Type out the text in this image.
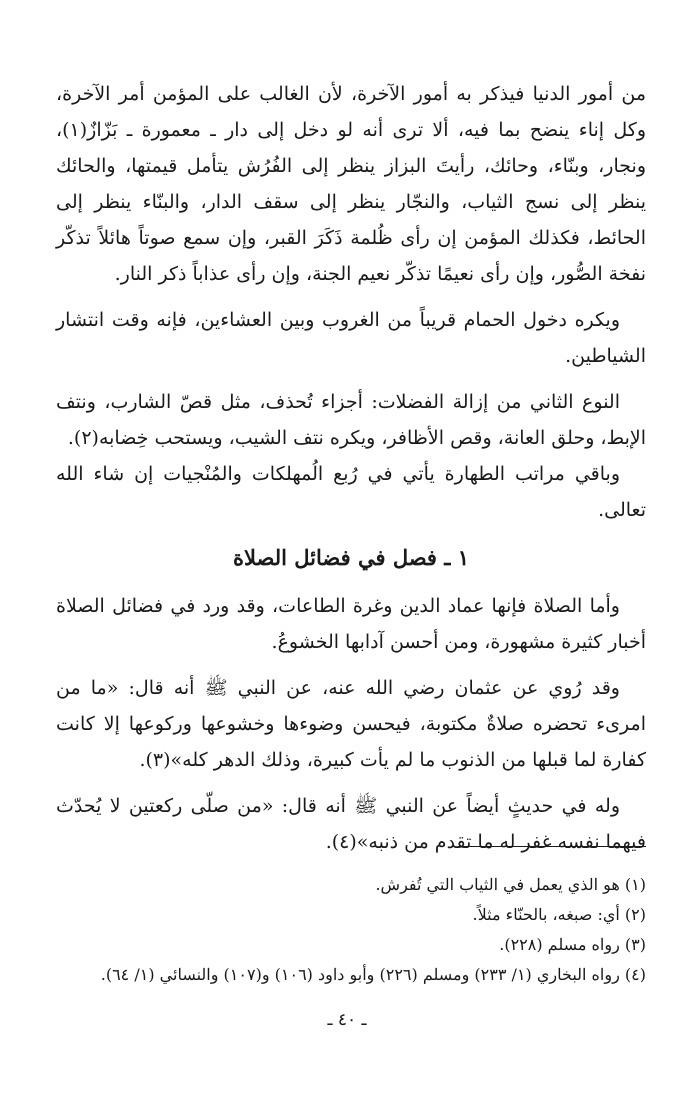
من أمور الدنيا فيذكر به أمور الآخرة، لأن الغالب على المؤمن أمر الآخرة، وكل إناء ينضح بما فيه، ألا ترى أنه لو دخل إلى دار ـ معمورة ـ بَزّازٌ(١)، ونجار، وبنّاء، وحائك، رأيتَ البزاز ينظر إلى الفُرُش يتأمل قيمتها، والحائك ينظر إلى نسج الثياب، والنجّار ينظر إلى سقف الدار، والبنّاء ينظر إلى الحائط، فكذلك المؤمن إن رأى ظُلمة ذَكَرَ القبر، وإن سمع صوتاً هائلاً تذكّر نفخة الصُّور، وإن رأى نعيمًا تذكّر نعيم الجنة، وإن رأى عذاباً ذكر النار.

ويكره دخول الحمام قريباً من الغروب وبين العشاءين، فإنه وقت انتشار الشياطين.

النوع الثاني من إزالة الفضلات: أجزاء تُحذف، مثل قصّ الشارب، ونتف الإبط، وحلق العانة، وقص الأظافر، ويكره نتف الشيب، ويستحب خِضابه(٢).

وباقي مراتب الطهارة يأتي في رُبع الُمهلكات والمُنْجيات إن شاء الله تعالى.

١ ـ فصل في فضائل الصلاة

وأما الصلاة فإنها عماد الدين وغرة الطاعات، وقد ورد في فضائل الصلاة أخبار كثيرة مشهورة، ومن أحسن آدابها الخشوعُ.

وقد رُوي عن عثمان رضي الله عنه، عن النبي ﷺ أنه قال: «ما من امرىء تحضره صلاةٌ مكتوبة، فيحسن وضوءها وخشوعها وركوعها إلا كانت كفارة لما قبلها من الذنوب ما لم يأت كبيرة، وذلك الدهر كله»(٣).

وله في حديثٍ أيضاً عن النبي ﷺ أنه قال: «من صلّى ركعتين لا يُحدّث فيهما نفسه غفر له ما تقدم من ذنبه»(٤).

(١) هو الذي يعمل في الثياب التي تُفرش.
(٢) أي: صبغه، بالحنّاء مثلاً.
(٣) رواه مسلم (٢٢٨).
(٤) رواه البخاري (١/ ٢٣٣) ومسلم (٢٢٦) وأبو داود (١٠٦) و(١٠٧) والنسائي (١/ ٦٤).
ـ ٤٠ ـ
